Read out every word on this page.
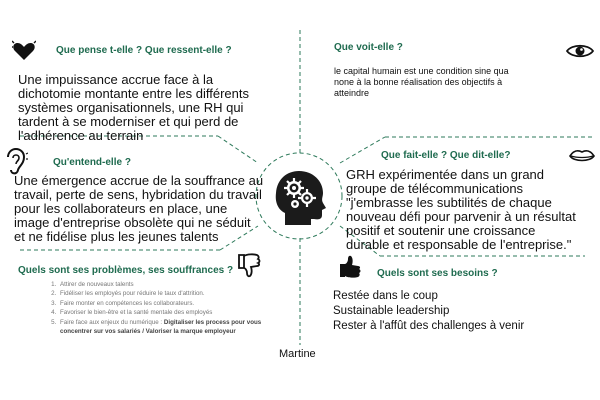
Que pense t-elle ? Que ressent-elle ?
Une impuissance accrue face à la dichotomie montante entre les différents systèmes organisationnels, une RH qui tardent à se moderniser et qui perd de l'adhérence au terrain
Que voit-elle ?
le capital humain est une condition sine qua none à la bonne réalisation des objectifs à atteindre
Qu'entend-elle ?
Une émergence accrue de la souffrance au travail, perte de sens, hybridation du travail pour les collaborateurs en place, une image d'entreprise obsolète qui ne séduit et ne fidélise plus les jeunes talents
Que fait-elle ? Que dit-elle?
GRH expérimentée dans un grand groupe de télécommunications "j'embrasse les subtilités de chaque nouveau défi pour parvenir à un résultat positif et soutenir une croissance durable et responsable de l'entreprise."
Quels sont ses problèmes, ses souffrances ?
1. Attirer de nouveaux talents
2. Fidéliser les employés pour réduire le taux d'attrition.
3. Faire monter en compétences les collaborateurs.
4. Favoriser le bien-être et la santé mentale des employés
5. Faire face aux enjeux du numérique : Digitaliser les process pour vous
concentrer sur vos salariés / Valoriser la marque employeur
Quels sont ses besoins ?
Restée dans le coup
Sustainable leadership
Rester à l'affût des challenges à venir
Martine
